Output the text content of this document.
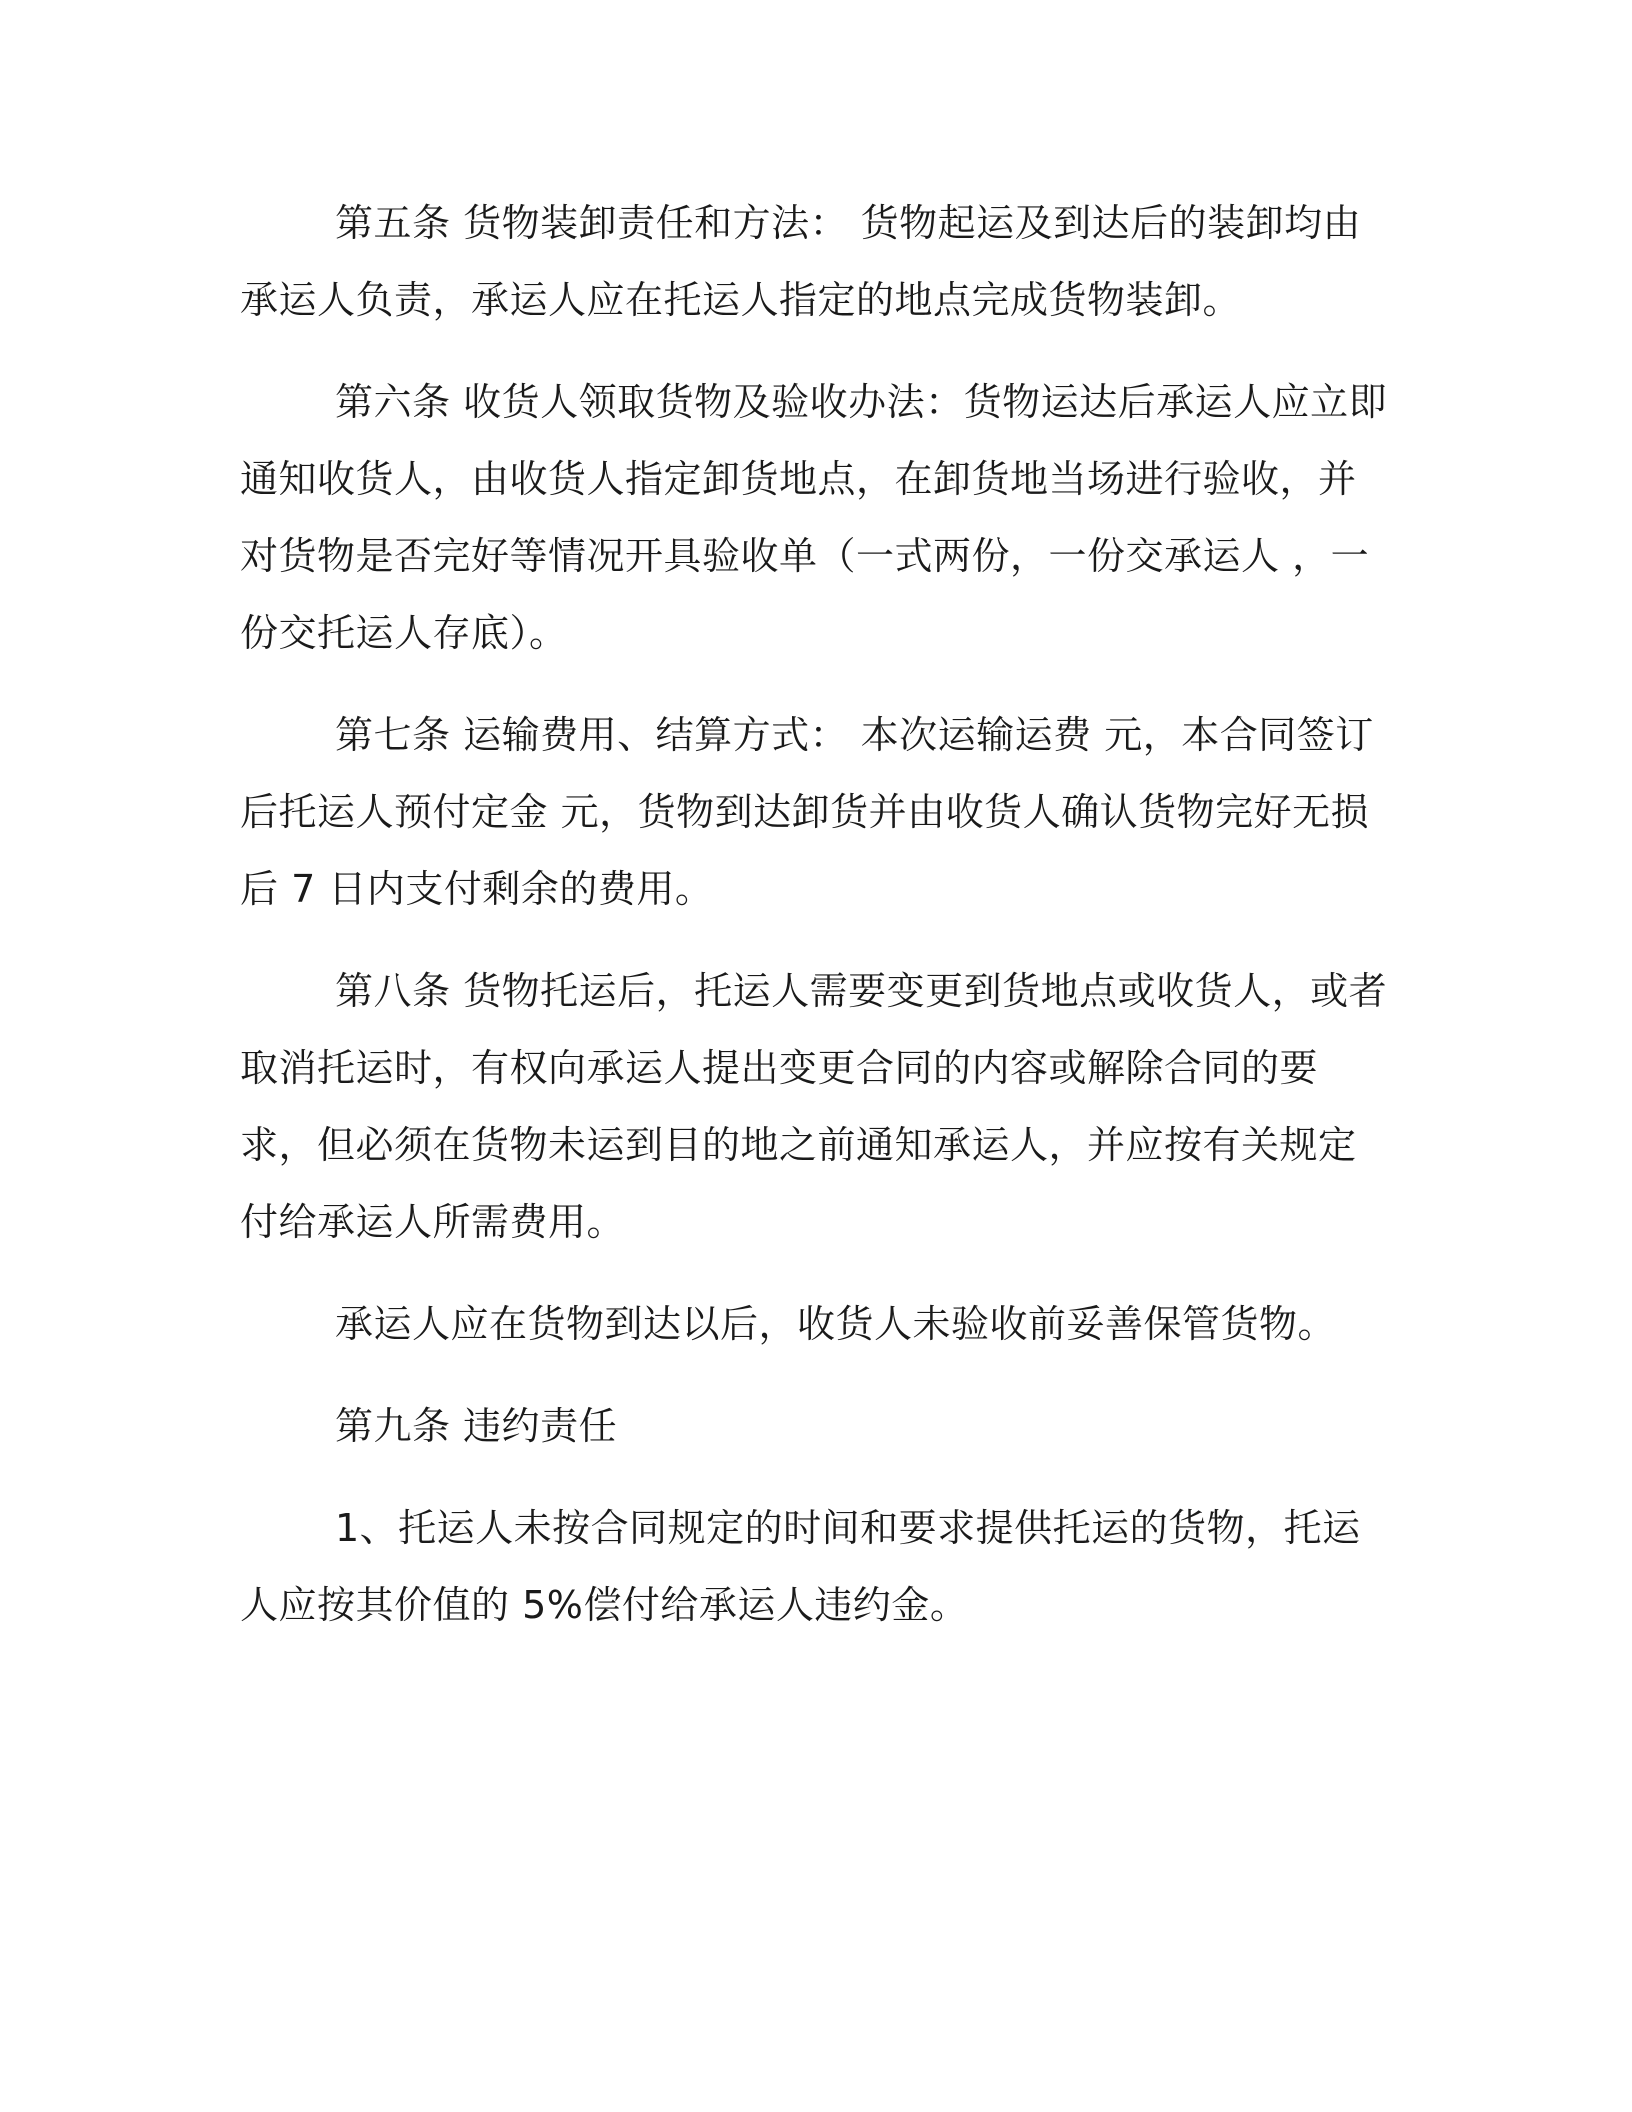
第五条 货物装卸责任和方法： 货物起运及到达后的装卸均由承运人负责，承运人应在托运人指定的地点完成货物装卸。

第六条 收货人领取货物及验收办法：货物运达后承运人应立即通知收货人，由收货人指定卸货地点，在卸货地当场进行验收，并对货物是否完好等情况开具验收单（一式两份，一份交承运人 ，一份交托运人存底）。

第七条 运输费用、结算方式： 本次运输运费 元，本合同签订后托运人预付定金 元，货物到达卸货并由收货人确认货物完好无损后 7 日内支付剩余的费用。

第八条 货物托运后，托运人需要变更到货地点或收货人，或者取消托运时，有权向承运人提出变更合同的内容或解除合同的要求，但必须在货物未运到目的地之前通知承运人，并应按有关规定付给承运人所需费用。

承运人应在货物到达以后，收货人未验收前妥善保管货物。

第九条 违约责任

1、托运人未按合同规定的时间和要求提供托运的货物，托运人应按其价值的 5%偿付给承运人违约金。
